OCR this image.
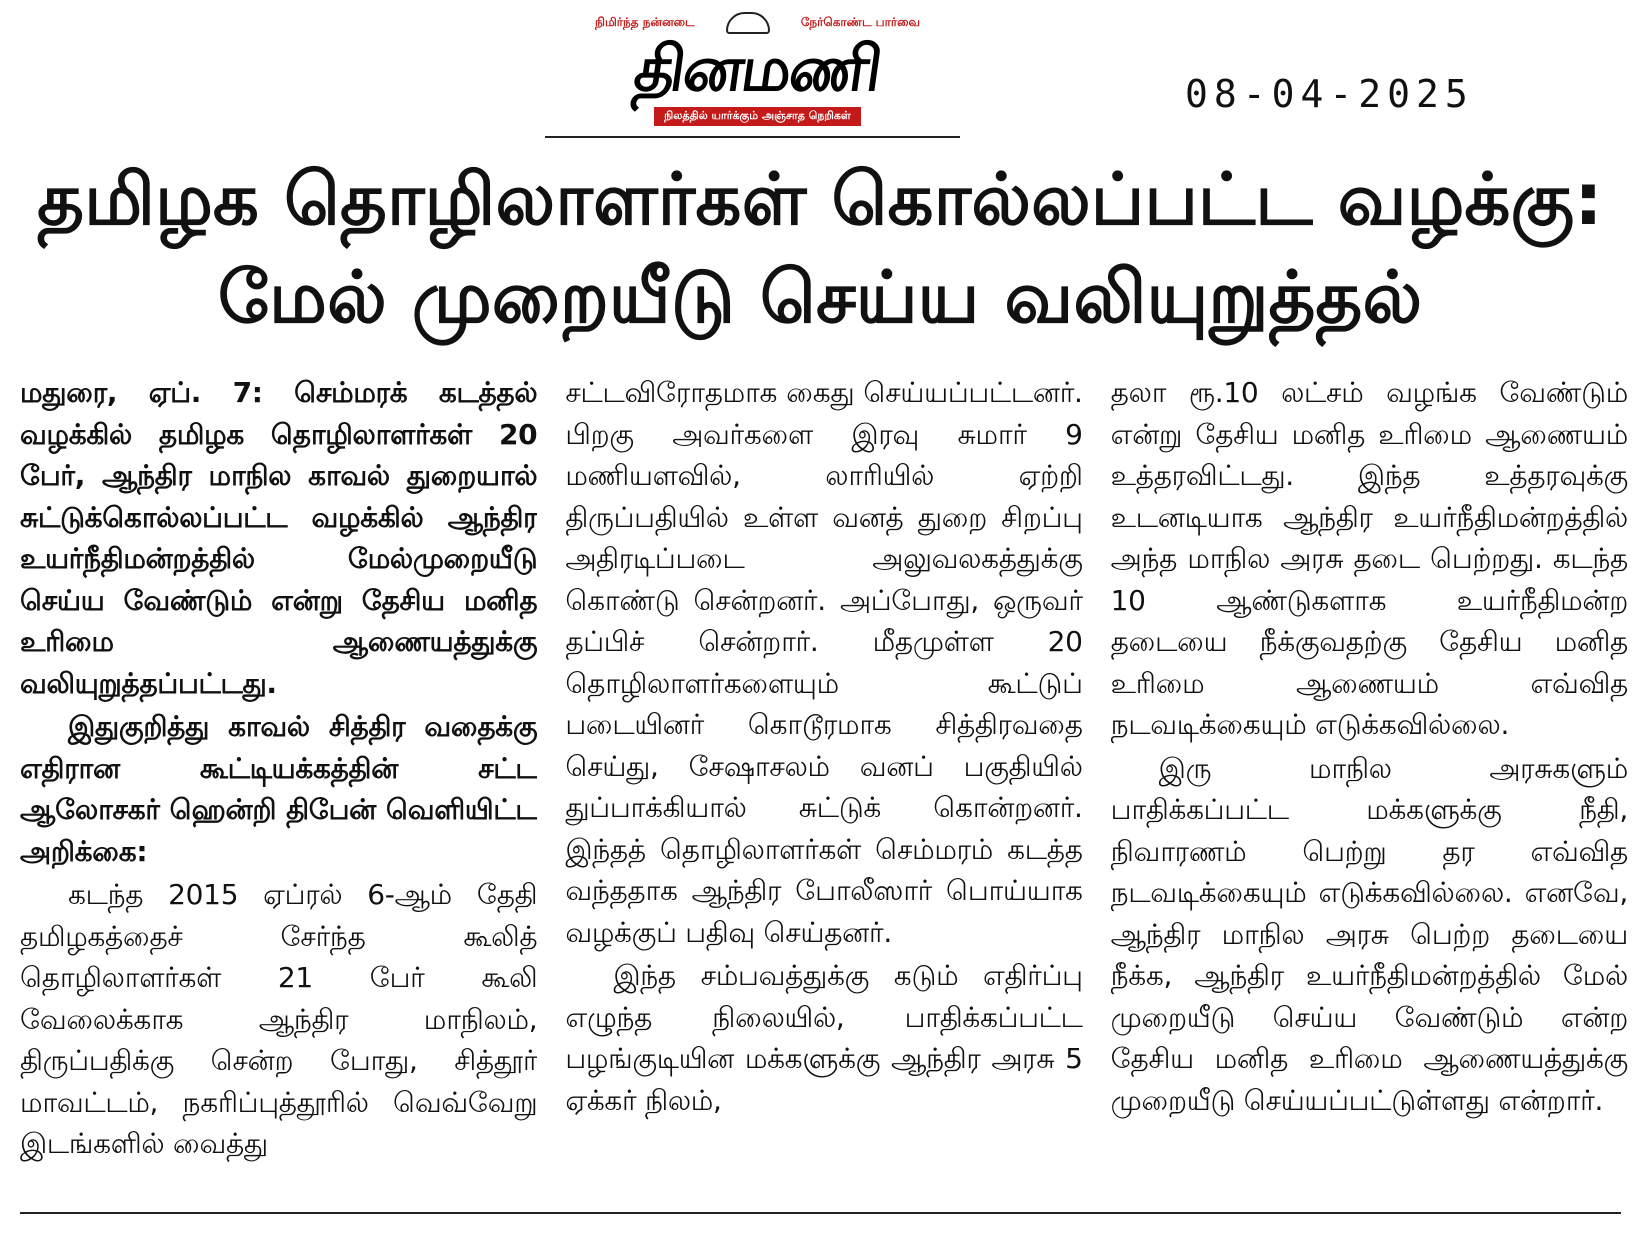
நிமிர்ந்த நன்னடை	நேர்கொண்ட பார்வை
தினமணி
நிலத்தில் யார்க்கும் அஞ்சாத நெறிகள்	08-04-2025
தமிழக தொழிலாளர்கள் கொல்லப்பட்ட வழக்கு:
மேல் முறையீடு செய்ய வலியுறுத்தல்

மதுரை, ஏப். 7: செம்மரக் கடத்தல் வழக்கில் தமிழக தொழிலாளர்கள் 20 பேர், ஆந்திர மாநில காவல் துறையால் சுட்டுக்கொல்லப்பட்ட வழக்கில் ஆந்திர உயர்நீதிமன்றத்தில் மேல்முறையீடு செய்ய வேண்டும் என்று தேசிய மனித உரிமை ஆணையத்துக்கு வலியுறுத்தப்பட்டது.

இதுகுறித்து காவல் சித்திர வதைக்கு எதிரான கூட்டியக்கத்தின் சட்ட ஆலோசகர் ஹென்றி திபேன் வெளியிட்ட அறிக்கை:

கடந்த 2015 ஏப்ரல் 6-ஆம் தேதி தமிழகத்தைச் சேர்ந்த கூலித் தொழிலாளர்கள் 21 பேர் கூலி வேலைக்காக ஆந்திர மாநிலம், திருப்பதிக்கு சென்ற போது, சித்தூர் மாவட்டம், நகரிப்புத்தூரில் வெவ்வேறு இடங்களில் வைத்து

சட்டவிரோதமாக கைது செய்யப்பட்டனர். பிறகு அவர்களை இரவு சுமார் 9 மணியளவில், லாரியில் ஏற்றி திருப்பதியில் உள்ள வனத் துறை சிறப்பு அதிரடிப்படை அலுவலகத்துக்கு கொண்டு சென்றனர். அப்போது, ஒருவர் தப்பிச் சென்றார். மீதமுள்ள 20 தொழிலாளர்களையும் கூட்டுப் படையினர் கொடூரமாக சித்திரவதை செய்து, சேஷாசலம் வனப் பகுதியில் துப்பாக்கியால் சுட்டுக் கொன்றனர். இந்தத் தொழிலாளர்கள் செம்மரம் கடத்த வந்ததாக ஆந்திர போலீஸார் பொய்யாக வழக்குப் பதிவு செய்தனர்.

இந்த சம்பவத்துக்கு கடும் எதிர்ப்பு எழுந்த நிலையில், பாதிக்கப்பட்ட பழங்குடியின மக்களுக்கு ஆந்திர அரசு 5 ஏக்கர் நிலம்,

தலா ரூ.10 லட்சம் வழங்க வேண்டும் என்று தேசிய மனித உரிமை ஆணையம் உத்தரவிட்டது. இந்த உத்தரவுக்கு உடனடியாக ஆந்திர உயர்நீதிமன்றத்தில் அந்த மாநில அரசு தடை பெற்றது. கடந்த 10 ஆண்டுகளாக உயர்நீதிமன்ற தடையை நீக்குவதற்கு தேசிய மனித உரிமை ஆணையம் எவ்வித நடவடிக்கையும் எடுக்கவில்லை.

இரு மாநில அரசுகளும் பாதிக்கப்பட்ட மக்களுக்கு நீதி, நிவாரணம் பெற்று தர எவ்வித நடவடிக்கையும் எடுக்கவில்லை. எனவே, ஆந்திர மாநில அரசு பெற்ற தடையை நீக்க, ஆந்திர உயர்நீதிமன்றத்தில் மேல் முறையீடு செய்ய வேண்டும் என்ற தேசிய மனித உரிமை ஆணையத்துக்கு முறையீடு செய்யப்பட்டுள்ளது என்றார்.
